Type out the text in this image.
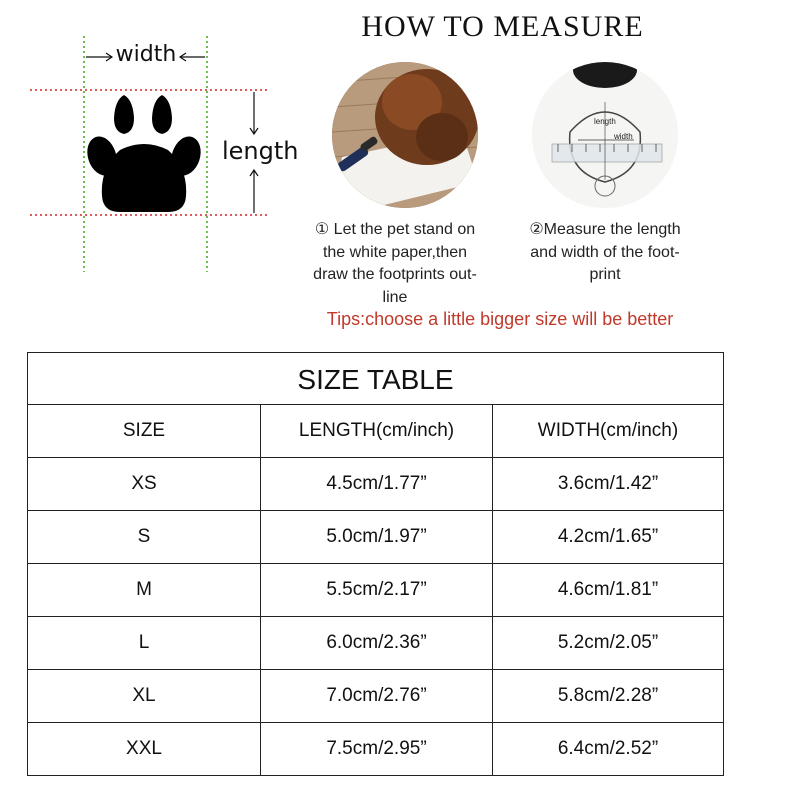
width
length
HOW TO MEASURE
length
width
① Let the pet stand on
the white paper,then
draw the footprints out-
line
②Measure the length
and width of the foot-
print
Tips:choose a little bigger size will be better
SIZE TABLE
SIZE	LENGTH(cm/inch)	WIDTH(cm/inch)
XS	4.5cm/1.77”	3.6cm/1.42”
S	5.0cm/1.97”	4.2cm/1.65”
M	5.5cm/2.17”	4.6cm/1.81”
L	6.0cm/2.36”	5.2cm/2.05”
XL	7.0cm/2.76”	5.8cm/2.28”
XXL	7.5cm/2.95”	6.4cm/2.52”
